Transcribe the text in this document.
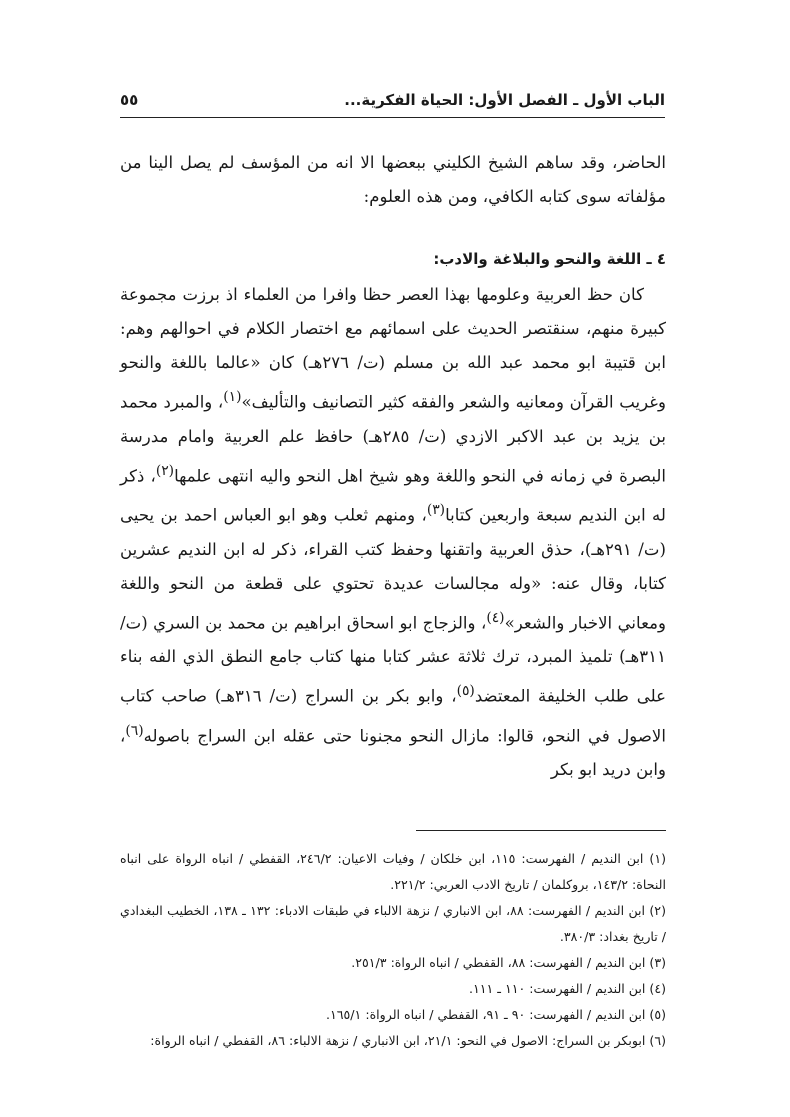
الباب الأول ـ الفصل الأول: الحياة الفكرية...
٥٥

الحاضر، وقد ساهم الشيخ الكليني ببعضها الا انه من المؤسف لم يصل الينا من مؤلفاته سوى كتابه الكافي، ومن هذه العلوم:

٤ ـ اللغة والنحو والبلاغة والادب:

كان حظ العربية وعلومها بهذا العصر حظا وافرا من العلماء اذ برزت مجموعة كبيرة منهم، سنقتصر الحديث على اسمائهم مع اختصار الكلام في احوالهم وهم: ابن قتيبة ابو محمد عبد الله بن مسلم (ت/ ٢٧٦هـ) كان «عالما باللغة والنحو وغريب القرآن ومعانيه والشعر والفقه كثير التصانيف والتأليف»$^{(١)}$، والمبرد محمد بن يزيد بن عبد الاكبر الازدي (ت/ ٢٨٥هـ) حافظ علم العربية وامام مدرسة البصرة في زمانه في النحو واللغة وهو شيخ اهل النحو واليه انتهى علمها$^{(٢)}$، ذكر له ابن النديم سبعة واربعين كتابا$^{(٣)}$، ومنهم ثعلب وهو ابو العباس احمد بن يحيى (ت/ ٢٩١هـ)، حذق العربية واتقنها وحفظ كتب القراء، ذكر له ابن النديم عشرين كتابا، وقال عنه: «وله مجالسات عديدة تحتوي على قطعة من النحو واللغة ومعاني الاخبار والشعر»$^{(٤)}$، والزجاج ابو اسحاق ابراهيم بن محمد بن السري (ت/ ٣١١هـ) تلميذ المبرد، ترك ثلاثة عشر كتابا منها كتاب جامع النطق الذي الفه بناء على طلب الخليفة المعتضد$^{(٥)}$، وابو بكر بن السراج (ت/ ٣١٦هـ) صاحب كتاب الاصول في النحو، قالوا: مازال النحو مجنونا حتى عقله ابن السراج باصوله$^{(٦)}$، وابن دريد ابو بكر

(١) ابن النديم / الفهرست: ١١٥، ابن خلكان / وفيات الاعيان: ٢٤٦/٢، القفطي / انباه الرواة على انباه النحاة: ١٤٣/٢، بروكلمان / تاريخ الادب العربي: ٢٢١/٢.

(٢) ابن النديم / الفهرست: ٨٨، ابن الانباري / نزهة الالباء في طبقات الادباء: ١٣٢ ـ ١٣٨، الخطيب البغدادي / تاريخ بغداد: ٣٨٠/٣.

(٣) ابن النديم / الفهرست: ٨٨، القفطي / انباه الرواة: ٢٥١/٣.

(٤) ابن النديم / الفهرست: ١١٠ ـ ١١١.

(٥) ابن النديم / الفهرست: ٩٠ ـ ٩١، القفطي / انباه الرواة: ١٦٥/١.

(٦) ابوبكر بن السراج: الاصول في النحو: ٢١/١، ابن الانباري / نزهة الالباء: ٨٦، القفطي / انباه الرواة:
